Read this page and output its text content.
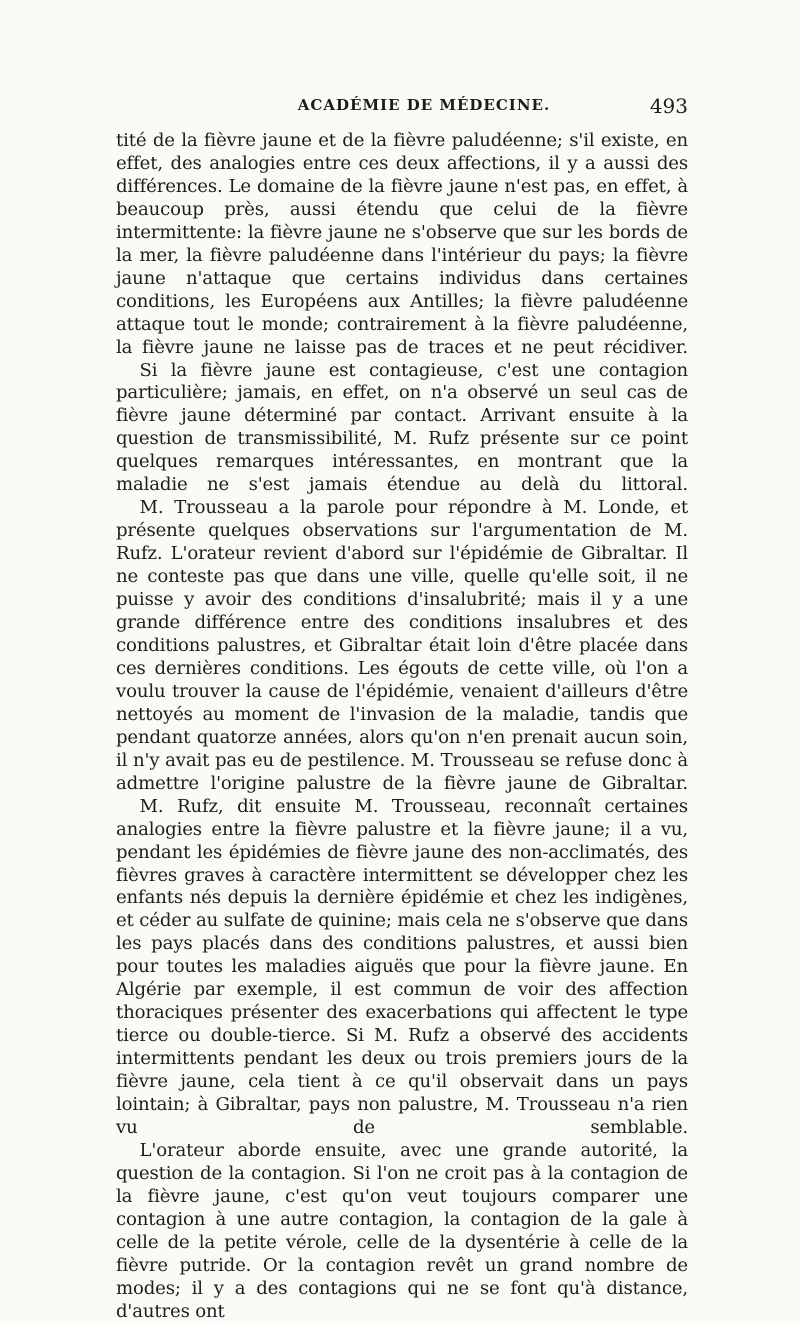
ACADÉMIE DE MÉDECINE.	493

tité de la fièvre jaune et de la fièvre paludéenne; s'il existe, en effet, des analogies entre ces deux affections, il y a aussi des différences. Le domaine de la fièvre jaune n'est pas, en effet, à beaucoup près, aussi étendu que celui de la fièvre intermittente: la fièvre jaune ne s'observe que sur les bords de la mer, la fièvre paludéenne dans l'intérieur du pays; la fièvre jaune n'attaque que certains individus dans certaines conditions, les Européens aux Antilles; la fièvre paludéenne attaque tout le monde; contrairement à la fièvre paludéenne, la fièvre jaune ne laisse pas de traces et ne peut récidiver.

Si la fièvre jaune est contagieuse, c'est une contagion particulière; jamais, en effet, on n'a observé un seul cas de fièvre jaune déterminé par contact. Arrivant ensuite à la question de transmissibilité, M. Rufz présente sur ce point quelques remarques intéressantes, en montrant que la maladie ne s'est jamais étendue au delà du littoral.

M. Trousseau a la parole pour répondre à M. Londe, et présente quelques observations sur l'argumentation de M. Rufz. L'orateur revient d'abord sur l'épidémie de Gibraltar. Il ne conteste pas que dans une ville, quelle qu'elle soit, il ne puisse y avoir des conditions d'insalubrité; mais il y a une grande différence entre des conditions insalubres et des conditions palustres, et Gibraltar était loin d'être placée dans ces dernières conditions. Les égouts de cette ville, où l'on a voulu trouver la cause de l'épidémie, venaient d'ailleurs d'être nettoyés au moment de l'invasion de la maladie, tandis que pendant quatorze années, alors qu'on n'en prenait aucun soin, il n'y avait pas eu de pestilence. M. Trousseau se refuse donc à admettre l'origine palustre de la fièvre jaune de Gibraltar.

M. Rufz, dit ensuite M. Trousseau, reconnaît certaines analogies entre la fièvre palustre et la fièvre jaune; il a vu, pendant les épidémies de fièvre jaune des non-acclimatés, des fièvres graves à caractère intermittent se développer chez les enfants nés depuis la dernière épidémie et chez les indigènes, et céder au sulfate de quinine; mais cela ne s'observe que dans les pays placés dans des conditions palustres, et aussi bien pour toutes les maladies aiguës que pour la fièvre jaune. En Algérie par exemple, il est commun de voir des affection thoraciques présenter des exacerbations qui affectent le type tierce ou double-tierce. Si M. Rufz a observé des accidents intermittents pendant les deux ou trois premiers jours de la fièvre jaune, cela tient à ce qu'il observait dans un pays lointain; à Gibraltar, pays non palustre, M. Trousseau n'a rien vu de semblable.

L'orateur aborde ensuite, avec une grande autorité, la question de la contagion. Si l'on ne croit pas à la contagion de la fièvre jaune, c'est qu'on veut toujours comparer une contagion à une autre contagion, la contagion de la gale à celle de la petite vérole, celle de la dysentérie à celle de la fièvre putride. Or la contagion revêt un grand nombre de modes; il y a des contagions qui ne se font qu'à distance, d'autres ont
